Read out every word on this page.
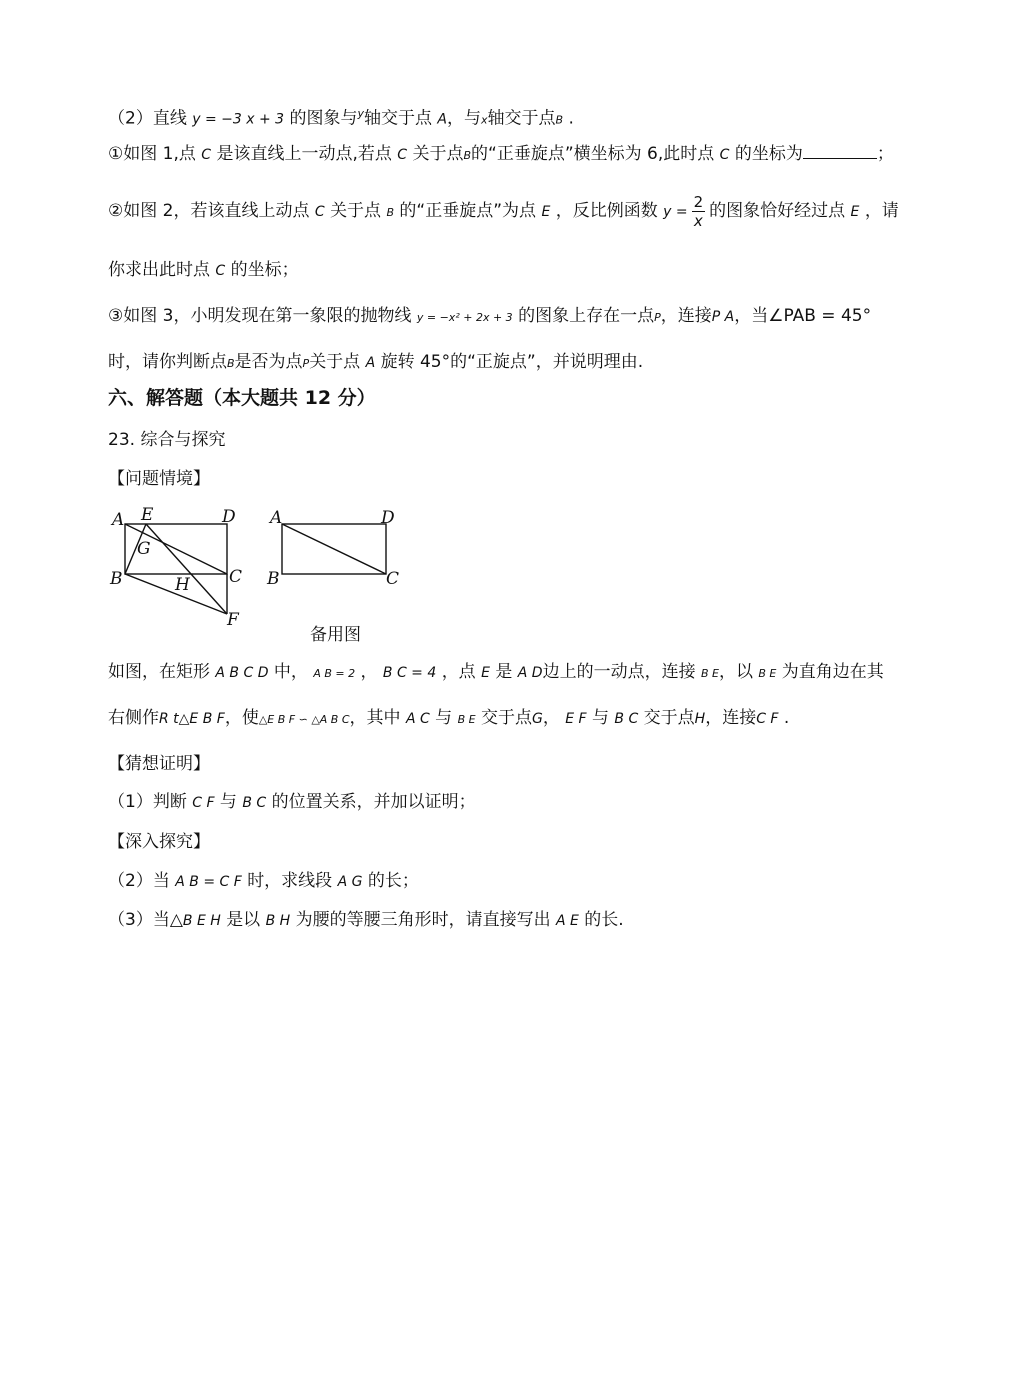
（2）直线 y = −3 x + 3 的图象与$^y$轴交于点 A，与x轴交于点B .
①如图 1,点 C 是该直线上一动点,若点 C 关于点B的“正垂旋点”横坐标为 6,此时点 C 的坐标为	；
②如图 2，若该直线上动点 C 关于点 B 的“正垂旋点”为点 E ，反比例函数 $y = \frac{2}{x}$ 的图象恰好经过点 E ，请
你求出此时点 C 的坐标；
③如图 3，小明发现在第一象限的抛物线 y = −x² + 2x + 3 的图象上存在一点P，连接P A，当∠PAB = 45°
时，请你判断点B是否为点P关于点 A 旋转 45°的“正旋点”，并说明理由.
六、解答题（本大题共 12 分）
23. 综合与探究
【问题情境】
A E	D
G
B	H C
F
A	D
B	C
备用图
如图，在矩形 A B C D 中， A B = 2 ， B C = 4 ，点 E 是 A D边上的一动点，连接 B E，以 B E 为直角边在其
右侧作R t△E B F，使△E B F ∽ △A B C，其中 A C 与 B E 交于点G， E F 与 B C 交于点H，连接C F .
【猜想证明】
（1）判断 C F 与 B C 的位置关系，并加以证明；
【深入探究】
（2）当 A B = C F 时，求线段 A G 的长；
（3）当△B E H 是以 B H 为腰的等腰三角形时，请直接写出 A E 的长.
